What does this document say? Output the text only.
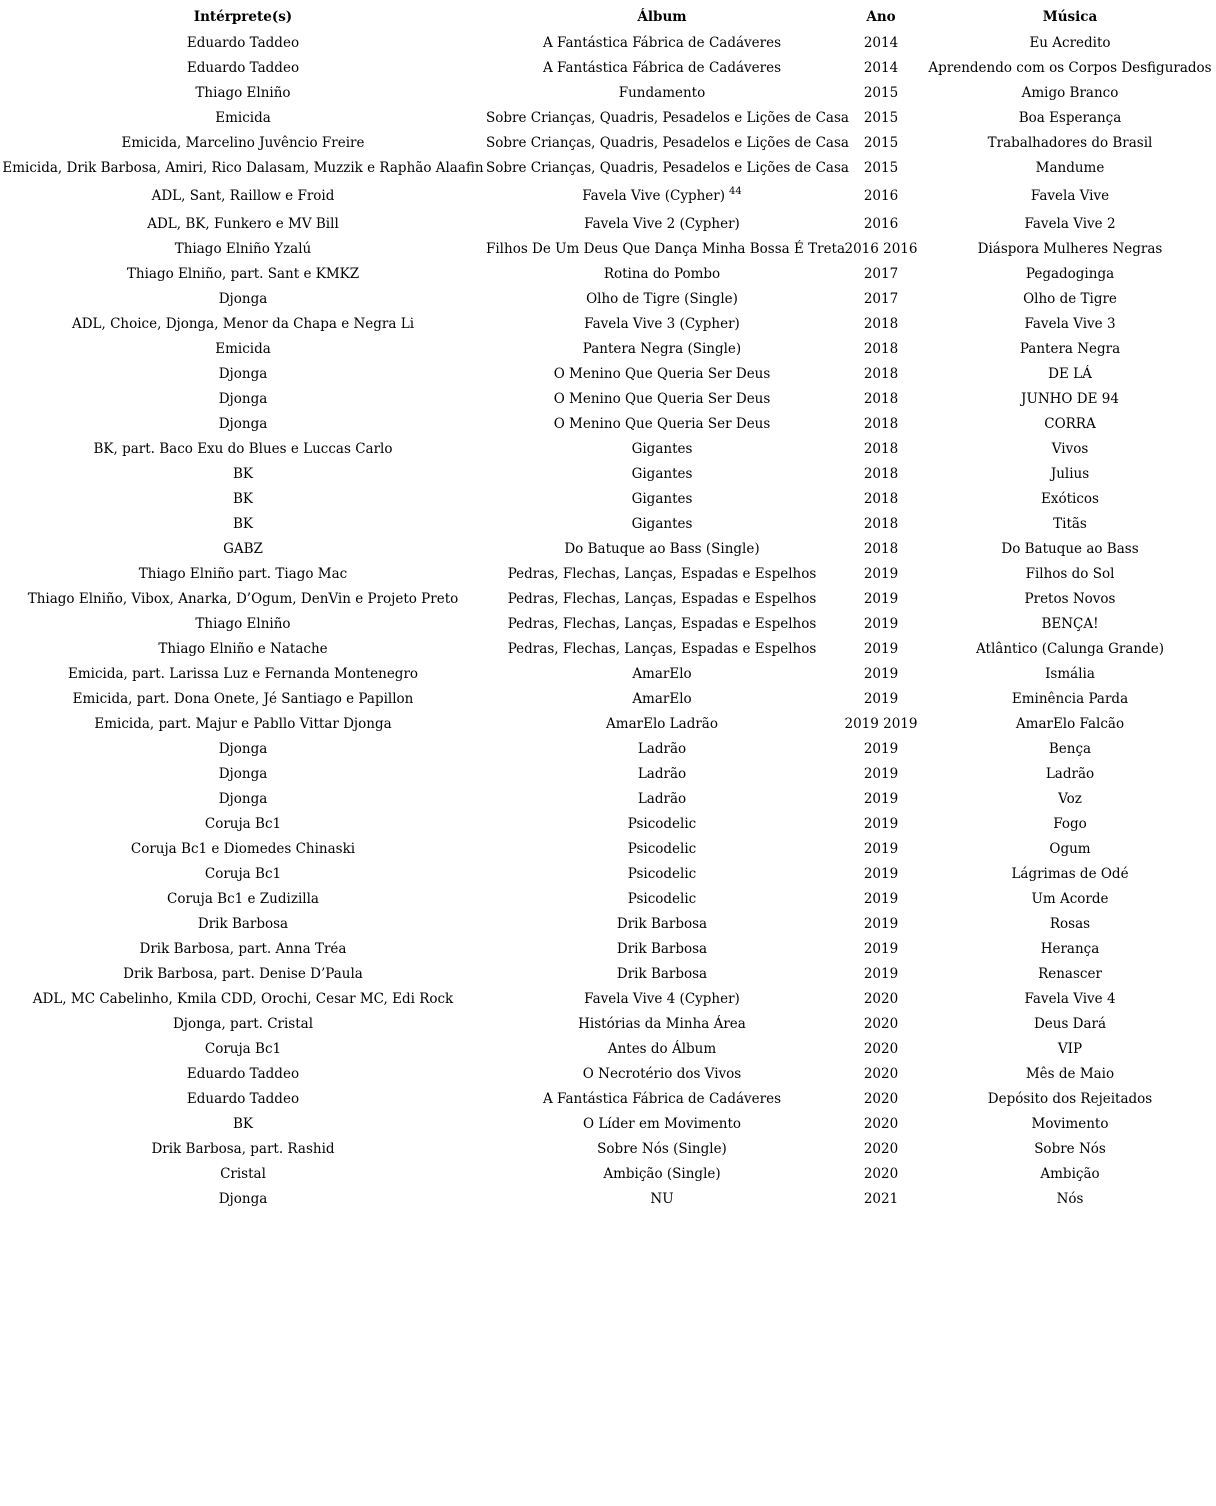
Intérprete(s)	Álbum	Ano	Música
Eduardo Taddeo	A Fantástica Fábrica de Cadáveres	2014	Eu Acredito
Eduardo Taddeo	A Fantástica Fábrica de Cadáveres	2014	Aprendendo com os Corpos Desfigurados
Thiago Elniño	Fundamento	2015	Amigo Branco
Emicida	Sobre Crianças, Quadris, Pesadelos e Lições de Casa	2015	Boa Esperança
Emicida, Marcelino Juvêncio Freire	Sobre Crianças, Quadris, Pesadelos e Lições de Casa	2015	Trabalhadores do Brasil
Emicida, Drik Barbosa, Amiri, Rico Dalasam, Muzzik e Raphão Alaafin	Sobre Crianças, Quadris, Pesadelos e Lições de Casa	2015	Mandume
ADL, Sant, Raillow e Froid	Favela Vive (Cypher) $^{44}$	2016	Favela Vive
ADL, BK, Funkero e MV Bill	Favela Vive 2 (Cypher)	2016	Favela Vive 2
Thiago Elniño Yzalú	Filhos De Um Deus Que Dança Minha Bossa É Treta	2016 2016	Diáspora Mulheres Negras
Thiago Elniño, part. Sant e KMKZ	Rotina do Pombo	2017	Pegadoginga
Djonga	Olho de Tigre (Single)	2017	Olho de Tigre
ADL, Choice, Djonga, Menor da Chapa e Negra Li	Favela Vive 3 (Cypher)	2018	Favela Vive 3
Emicida	Pantera Negra (Single)	2018	Pantera Negra
Djonga	O Menino Que Queria Ser Deus	2018	DE LÁ
Djonga	O Menino Que Queria Ser Deus	2018	JUNHO DE 94
Djonga	O Menino Que Queria Ser Deus	2018	CORRA
BK, part. Baco Exu do Blues e Luccas Carlo	Gigantes	2018	Vivos
BK	Gigantes	2018	Julius
BK	Gigantes	2018	Exóticos
BK	Gigantes	2018	Titãs
GABZ	Do Batuque ao Bass (Single)	2018	Do Batuque ao Bass
Thiago Elniño part. Tiago Mac	Pedras, Flechas, Lanças, Espadas e Espelhos	2019	Filhos do Sol
Thiago Elniño, Vibox, Anarka, D’Ogum, DenVin e Projeto Preto	Pedras, Flechas, Lanças, Espadas e Espelhos	2019	Pretos Novos
Thiago Elniño	Pedras, Flechas, Lanças, Espadas e Espelhos	2019	BENÇA!
Thiago Elniño e Natache	Pedras, Flechas, Lanças, Espadas e Espelhos	2019	Atlântico (Calunga Grande)
Emicida, part. Larissa Luz e Fernanda Montenegro	AmarElo	2019	Ismália
Emicida, part. Dona Onete, Jé Santiago e Papillon	AmarElo	2019	Eminência Parda
Emicida, part. Majur e Pabllo Vittar Djonga	AmarElo Ladrão	2019 2019	AmarElo Falcão
Djonga	Ladrão	2019	Bença
Djonga	Ladrão	2019	Ladrão
Djonga	Ladrão	2019	Voz
Coruja Bc1	Psicodelic	2019	Fogo
Coruja Bc1 e Diomedes Chinaski	Psicodelic	2019	Ogum
Coruja Bc1	Psicodelic	2019	Lágrimas de Odé
Coruja Bc1 e Zudizilla	Psicodelic	2019	Um Acorde
Drik Barbosa	Drik Barbosa	2019	Rosas
Drik Barbosa, part. Anna Tréa	Drik Barbosa	2019	Herança
Drik Barbosa, part. Denise D’Paula	Drik Barbosa	2019	Renascer
ADL, MC Cabelinho, Kmila CDD, Orochi, Cesar MC, Edi Rock	Favela Vive 4 (Cypher)	2020	Favela Vive 4
Djonga, part. Cristal	Histórias da Minha Área	2020	Deus Dará
Coruja Bc1	Antes do Álbum	2020	VIP
Eduardo Taddeo	O Necrotério dos Vivos	2020	Mês de Maio
Eduardo Taddeo	A Fantástica Fábrica de Cadáveres	2020	Depósito dos Rejeitados
BK	O Líder em Movimento	2020	Movimento
Drik Barbosa, part. Rashid	Sobre Nós (Single)	2020	Sobre Nós
Cristal	Ambição (Single)	2020	Ambição
Djonga	NU	2021	Nós
